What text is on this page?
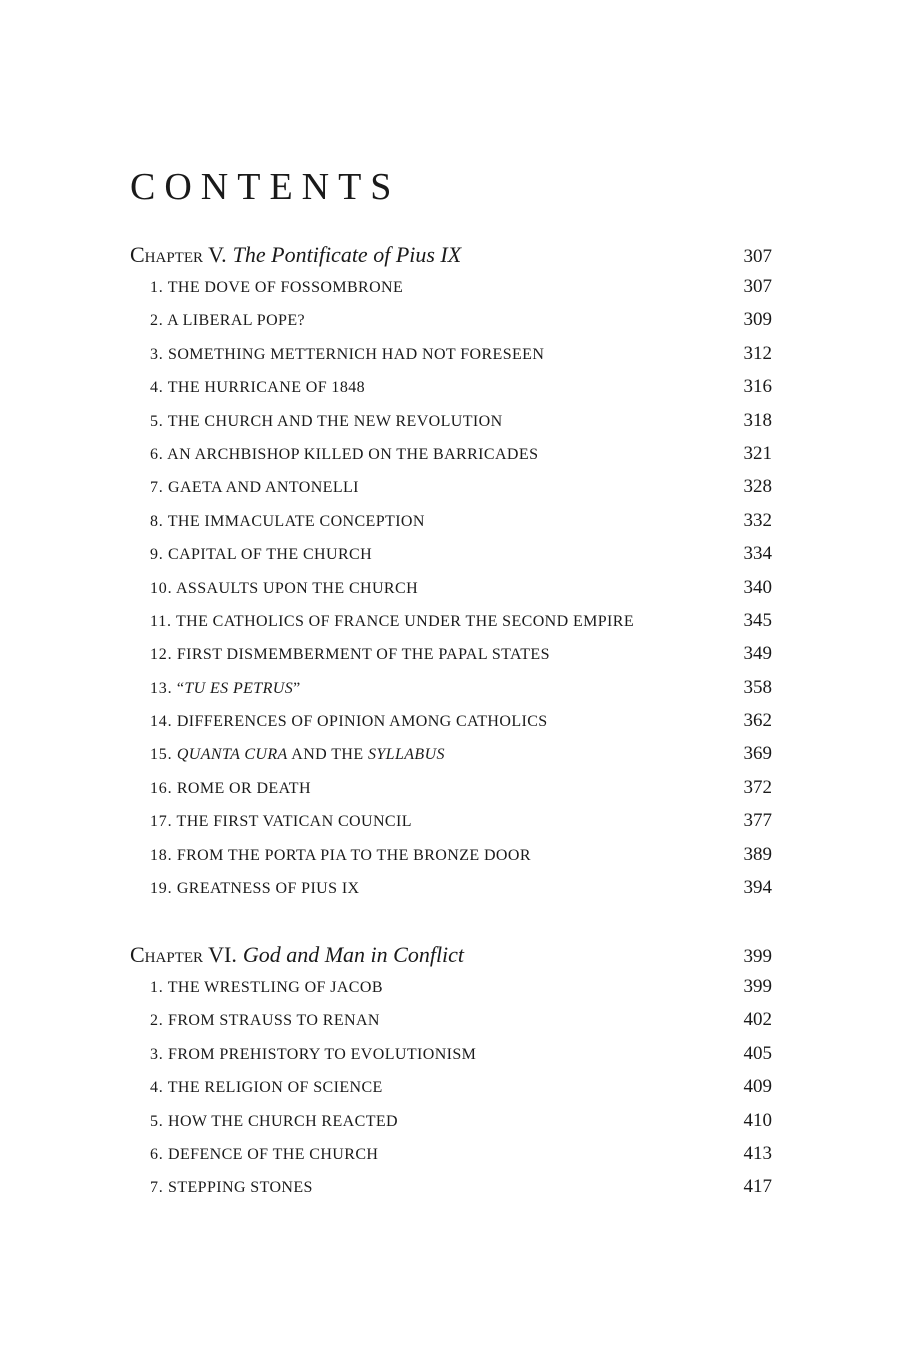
CONTENTS
Chapter V. The Pontificate of Pius IX	307
1. THE DOVE OF FOSSOMBRONE	307
2. A LIBERAL POPE?	309
3. SOMETHING METTERNICH HAD NOT FORESEEN	312
4. THE HURRICANE OF 1848	316
5. THE CHURCH AND THE NEW REVOLUTION	318
6. AN ARCHBISHOP KILLED ON THE BARRICADES	321
7. GAETA AND ANTONELLI	328
8. THE IMMACULATE CONCEPTION	332
9. CAPITAL OF THE CHURCH	334
10. ASSAULTS UPON THE CHURCH	340
11. THE CATHOLICS OF FRANCE UNDER THE SECOND EMPIRE	345
12. FIRST DISMEMBERMENT OF THE PAPAL STATES	349
13. “TU ES PETRUS”	358
14. DIFFERENCES OF OPINION AMONG CATHOLICS	362
15. QUANTA CURA AND THE SYLLABUS	369
16. ROME OR DEATH	372
17. THE FIRST VATICAN COUNCIL	377
18. FROM THE PORTA PIA TO THE BRONZE DOOR	389
19. GREATNESS OF PIUS IX	394
Chapter VI. God and Man in Conflict	399
1. THE WRESTLING OF JACOB	399
2. FROM STRAUSS TO RENAN	402
3. FROM PREHISTORY TO EVOLUTIONISM	405
4. THE RELIGION OF SCIENCE	409
5. HOW THE CHURCH REACTED	410
6. DEFENCE OF THE CHURCH	413
7. STEPPING STONES	417
